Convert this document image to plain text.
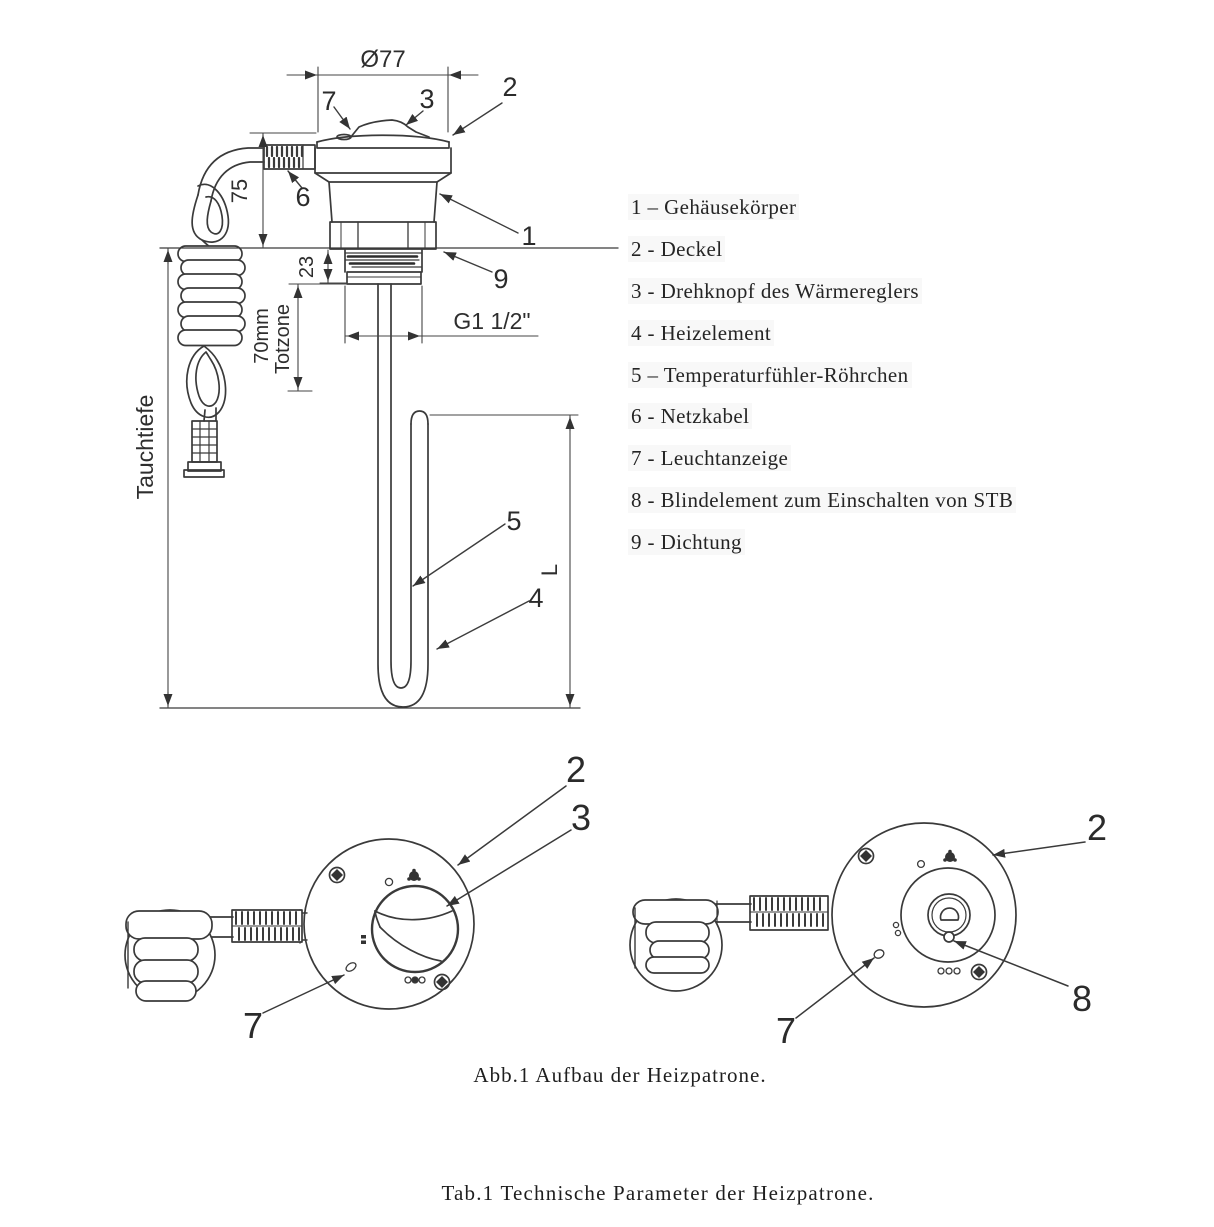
Ø77
75
23
70mm Totzone
Tauchtiefe
G1 1/2"
L
7	3	2
6
1
9
5
4
2
3
7
2
7
8
1 – Gehäusekörper
2 - Deckel
3 - Drehknopf des Wärmereglers
4 - Heizelement
5 – Temperaturfühler-Röhrchen
6 - Netzkabel
7 - Leuchtanzeige
8 - Blindelement zum Einschalten von STB
9 - Dichtung
Abb.1 Aufbau der Heizpatrone.
Tab.1 Technische Parameter der Heizpatrone.
